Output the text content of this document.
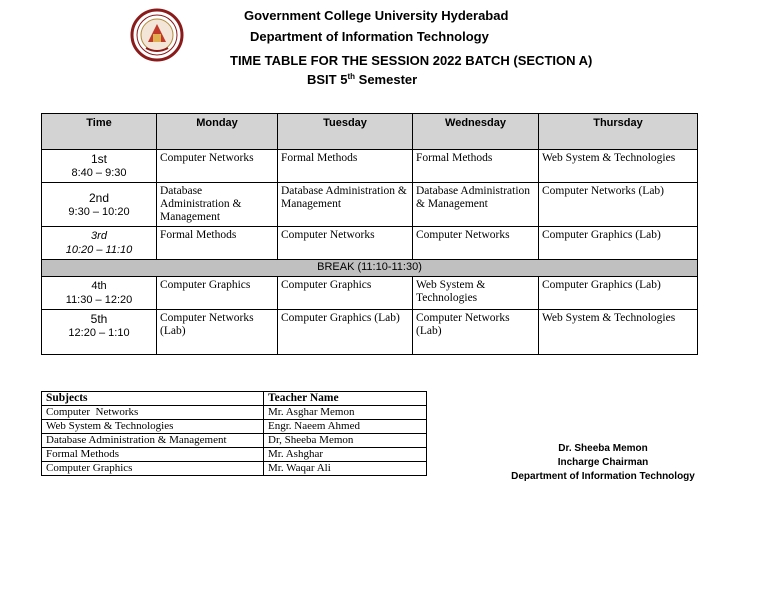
Government College University Hyderabad
Department of Information Technology
TIME TABLE FOR THE SESSION 2022 BATCH (SECTION A)
BSIT 5th Semester
Time	Monday	Tuesday	Wednesday	Thursday

1st
8:40 – 9:30	Computer Networks	Formal Methods	Formal Methods	Web System & Technologies

2nd
9:30 – 10:20	Database Administration & Management	Database Administration & Management	Database Administration & Management	Computer Networks (Lab)

3rd
10:20 – 11:10	Formal Methods	Computer Networks	Computer Networks	Computer Graphics (Lab)
BREAK (11:10-11:30)				

4th
11:30 – 12:20	Computer Graphics	Computer Graphics	Web System & Technologies	Computer Graphics (Lab)

5th
12:20 – 1:10	Computer Networks (Lab)	Computer Graphics (Lab)	Computer Networks (Lab)	Web System & Technologies
Subjects	Teacher Name
Computer  Networks	Mr. Asghar Memon
Web System & Technologies	Engr. Naeem Ahmed
Database Administration & Management	Dr, Sheeba Memon
Formal Methods	Mr. Ashghar
Computer Graphics	Mr. Waqar Ali
Dr. Sheeba Memon
Incharge Chairman
Department of Information Technology
